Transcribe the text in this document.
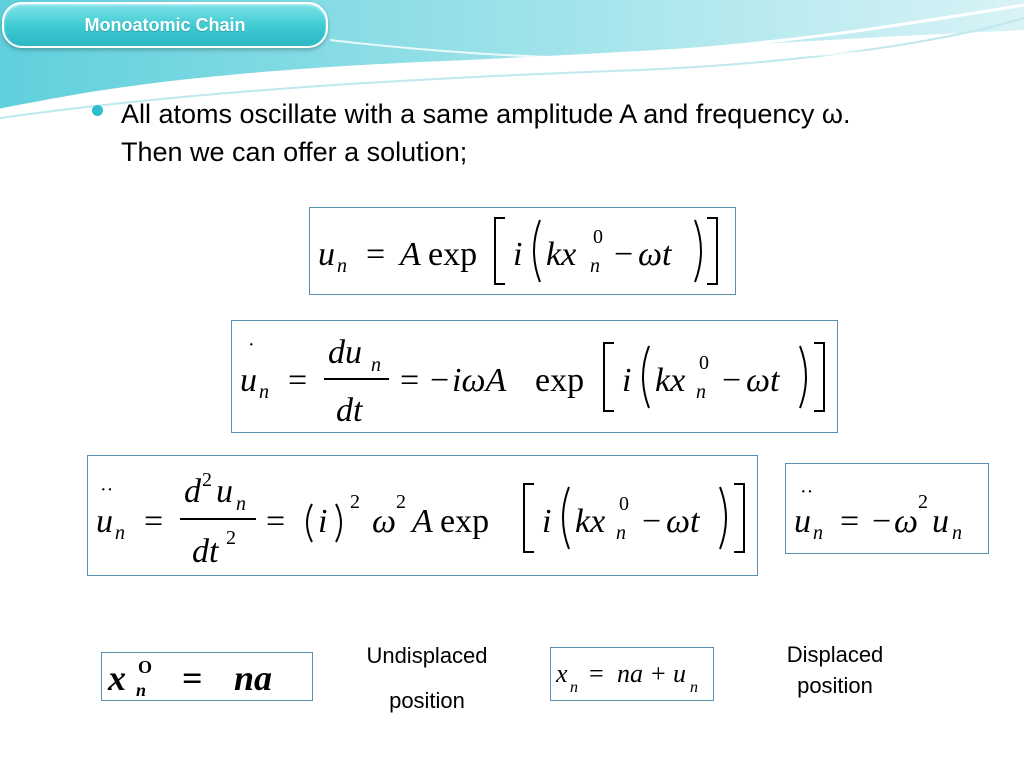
Monoatomic Chain
All atoms oscillate with a same amplitude A and frequency ω.
Then we can offer a solution;
u n = A exp i kx 0
n − ωt
·
u n =
du n
dt
= − iωA exp i kx 0
n − ωt
··
u n =
d 2 u n
dt 2 = i
2
ω
2
A exp i kx 0
n − ωt
··
u n = − ω
2
u n
x O
n = na	x n = na + u n
Undisplaced
position
Displaced
position
